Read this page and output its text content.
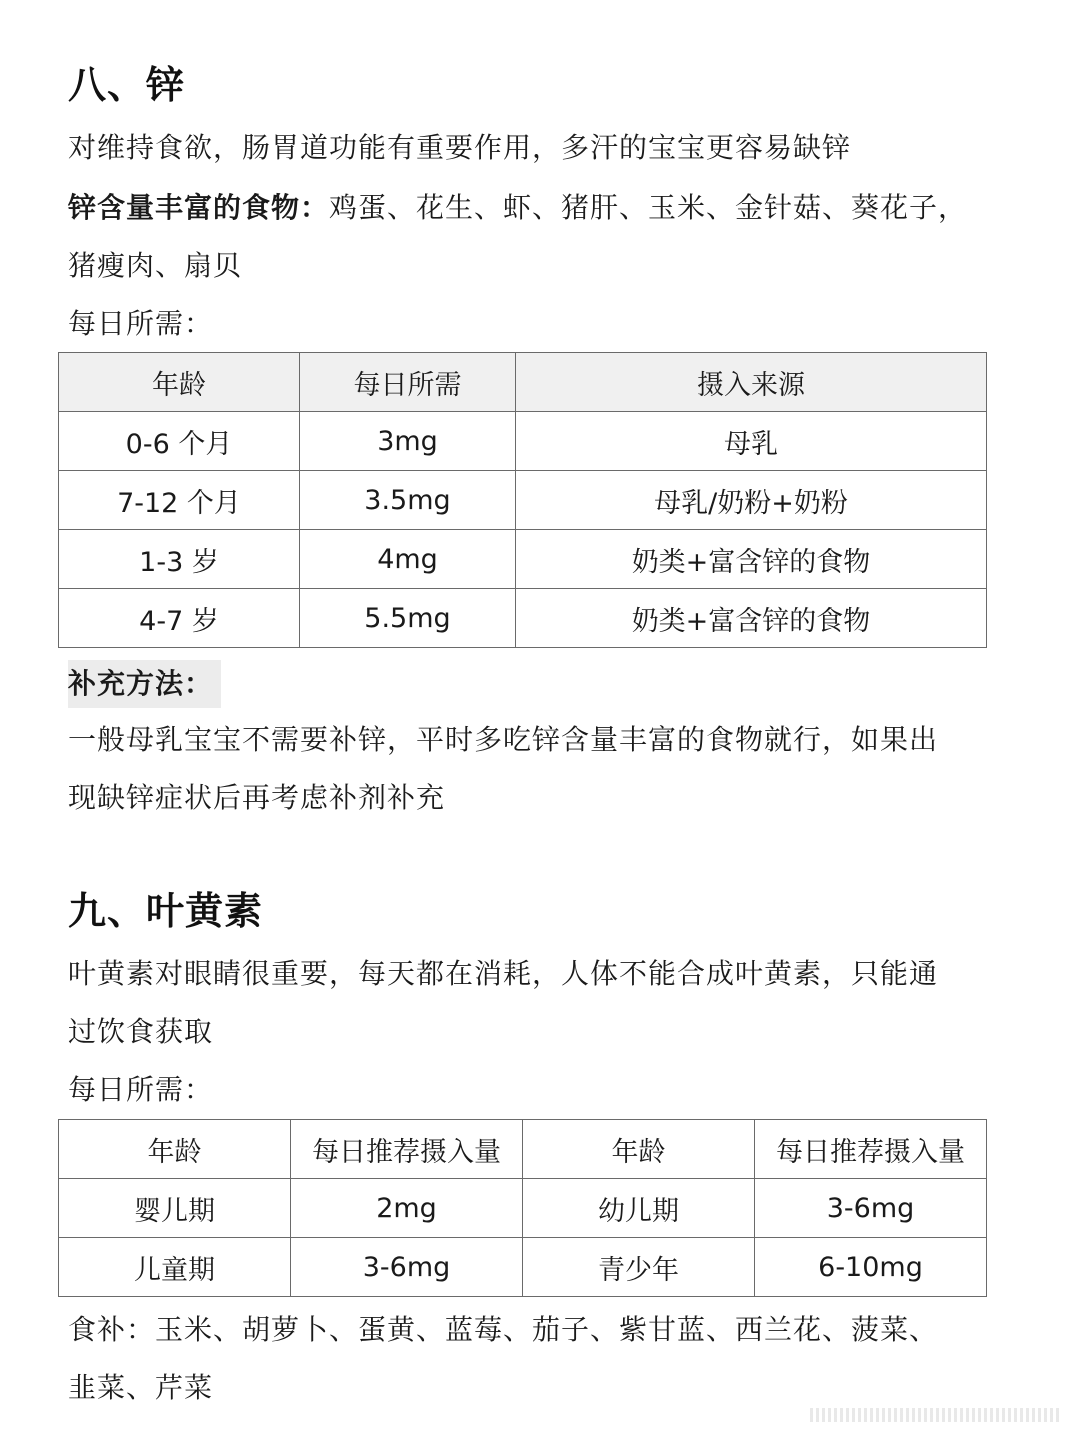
八、锌
对维持食欲，肠胃道功能有重要作用，多汗的宝宝更容易缺锌
锌含量丰富的食物：鸡蛋、花生、虾、猪肝、玉米、金针菇、葵花子，
猪瘦肉、扇贝
每日所需：
年龄	每日所需	摄入来源
0-6 个月	3mg	母乳
7-12 个月	3.5mg	母乳/奶粉+奶粉
1-3 岁	4mg	奶类+富含锌的食物
4-7 岁	5.5mg	奶类+富含锌的食物
补充方法：
一般母乳宝宝不需要补锌，平时多吃锌含量丰富的食物就行，如果出
现缺锌症状后再考虑补剂补充
九、叶黄素
叶黄素对眼睛很重要，每天都在消耗，人体不能合成叶黄素，只能通
过饮食获取
每日所需：
年龄	每日推荐摄入量	年龄	每日推荐摄入量
婴儿期	2mg	幼儿期	3-6mg
儿童期	3-6mg	青少年	6-10mg
食补：玉米、胡萝卜、蛋黄、蓝莓、茄子、紫甘蓝、西兰花、菠菜、
韭菜、芹菜
